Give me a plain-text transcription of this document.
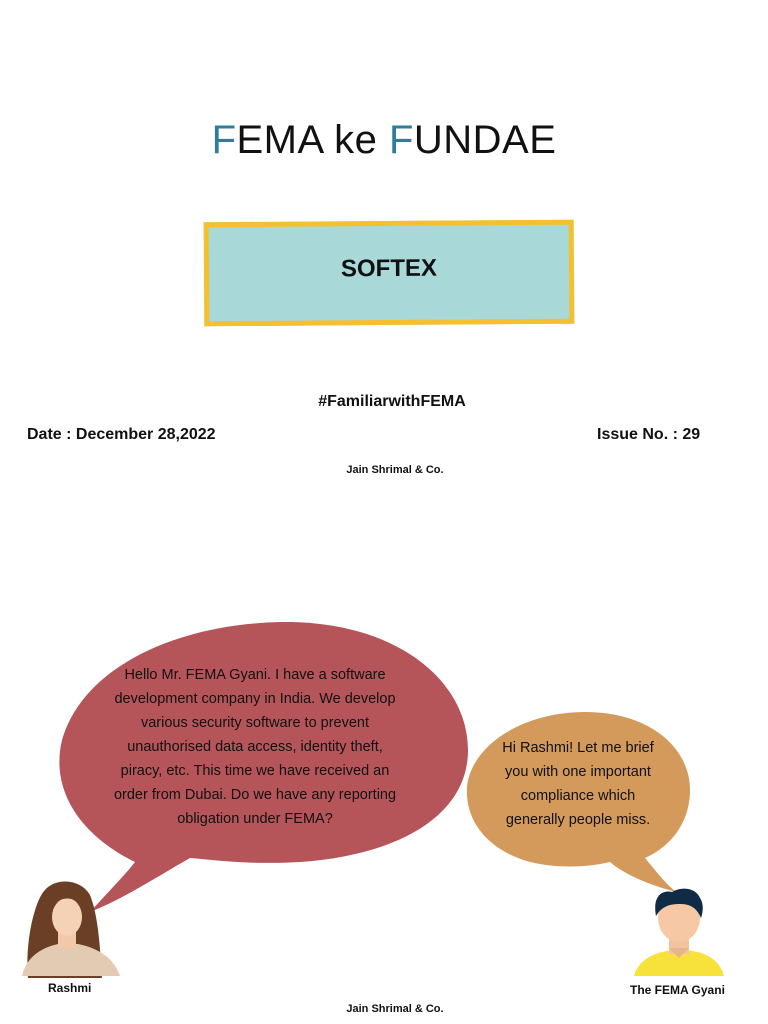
FEMA ke FUNDAE
SOFTEX
#FamiliarwithFEMA
Date : December 28,2022	Issue No. : 29
Jain Shrimal & Co.
Hello Mr. FEMA Gyani. I have a software development company in India. We develop various security software to prevent unauthorised data access, identity theft, piracy, etc. This time we have received an order from Dubai. Do we have any reporting obligation under FEMA?
Hi Rashmi! Let me brief you with one important compliance which generally people miss.
Rashmi	The FEMA Gyani
Jain Shrimal & Co.
